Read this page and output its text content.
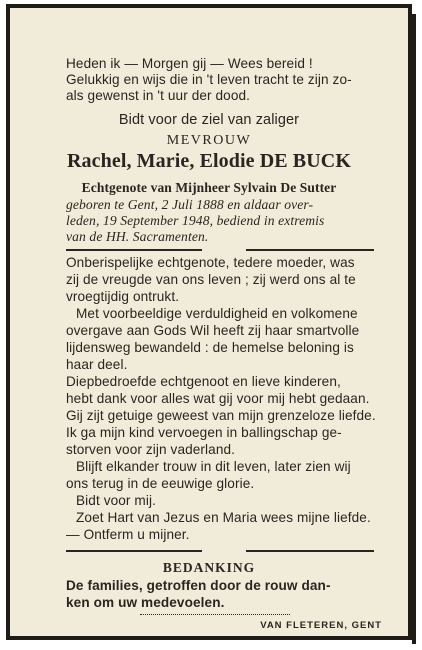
Heden ik — Morgen gij — Wees bereid !
Gelukkig en wijs die in 't leven tracht te zijn zo-
als gewenst in 't uur der dood.
Bidt voor de ziel van zaliger
MEVROUW
Rachel, Marie, Elodie DE BUCK
Echtgenote van Mijnheer Sylvain De Sutter
geboren te Gent, 2 Juli 1888 en aldaar over-
leden, 19 September 1948, bediend in extremis
van de HH. Sacramenten.
Onberispelijke echtgenote, tedere moeder, was
zij de vreugde van ons leven ; zij werd ons al te
vroegtijdig ontrukt.
Met voorbeeldige verduldigheid en volkomene
overgave aan Gods Wil heeft zij haar smartvolle
lijdensweg bewandeld : de hemelse beloning is
haar deel.
Diepbedroefde echtgenoot en lieve kinderen,
hebt dank voor alles wat gij voor mij hebt gedaan.
Gij zijt getuige geweest van mijn grenzeloze liefde.
Ik ga mijn kind vervoegen in ballingschap ge-
storven voor zijn vaderland.
Blijft elkander trouw in dit leven, later zien wij
ons terug in de eeuwige glorie.
Bidt voor mij.
Zoet Hart van Jezus en Maria wees mijne liefde.
— Ontferm u mijner.
BEDANKING
De families, getroffen door de rouw dan-
ken om uw medevoelen.
VAN FLETEREN, GENT
